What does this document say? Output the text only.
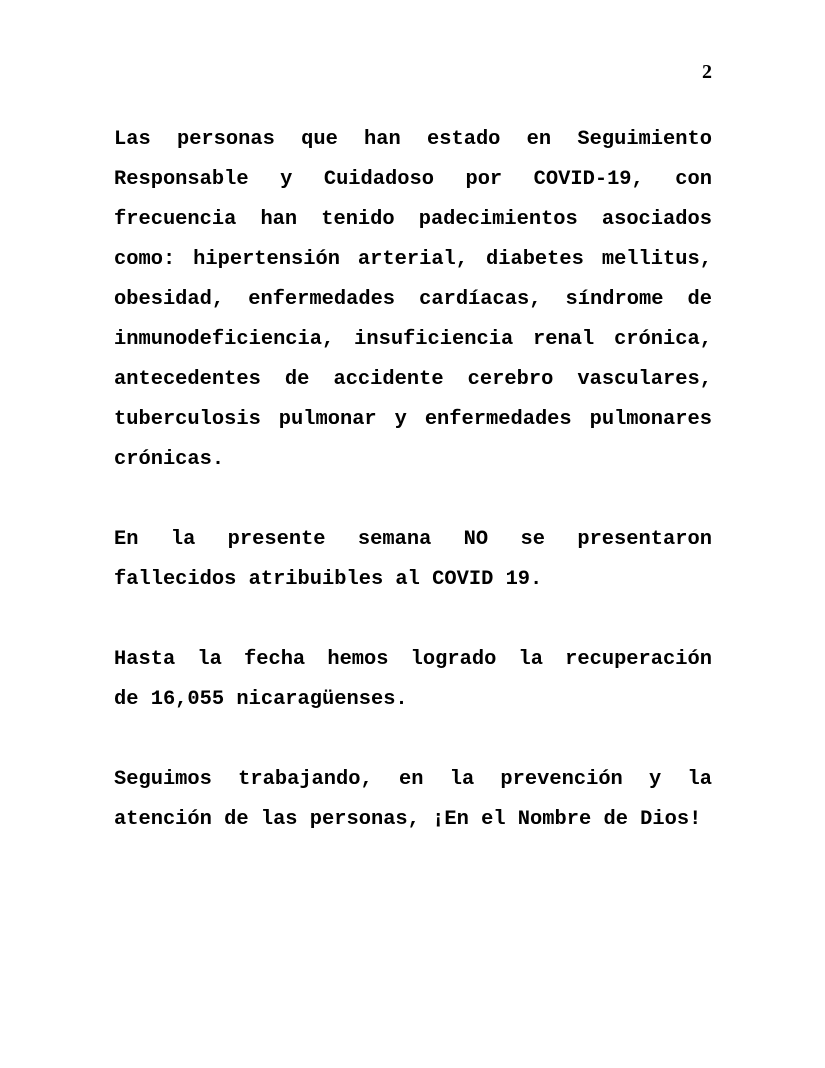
2

Las personas que han estado en Seguimiento
Responsable y Cuidadoso por COVID-19, con
frecuencia han tenido padecimientos asociados
como: hipertensión arterial, diabetes mellitus,
obesidad, enfermedades cardíacas, síndrome de
inmunodeficiencia, insuficiencia renal crónica,
antecedentes de accidente cerebro vasculares,
tuberculosis pulmonar y enfermedades pulmonares
crónicas.

En la presente semana NO se presentaron
fallecidos atribuibles al COVID 19.

Hasta la fecha hemos logrado la recuperación
de 16,055 nicaragüenses.

Seguimos trabajando, en la prevención y la
atención de las personas, ¡En el Nombre de Dios!
